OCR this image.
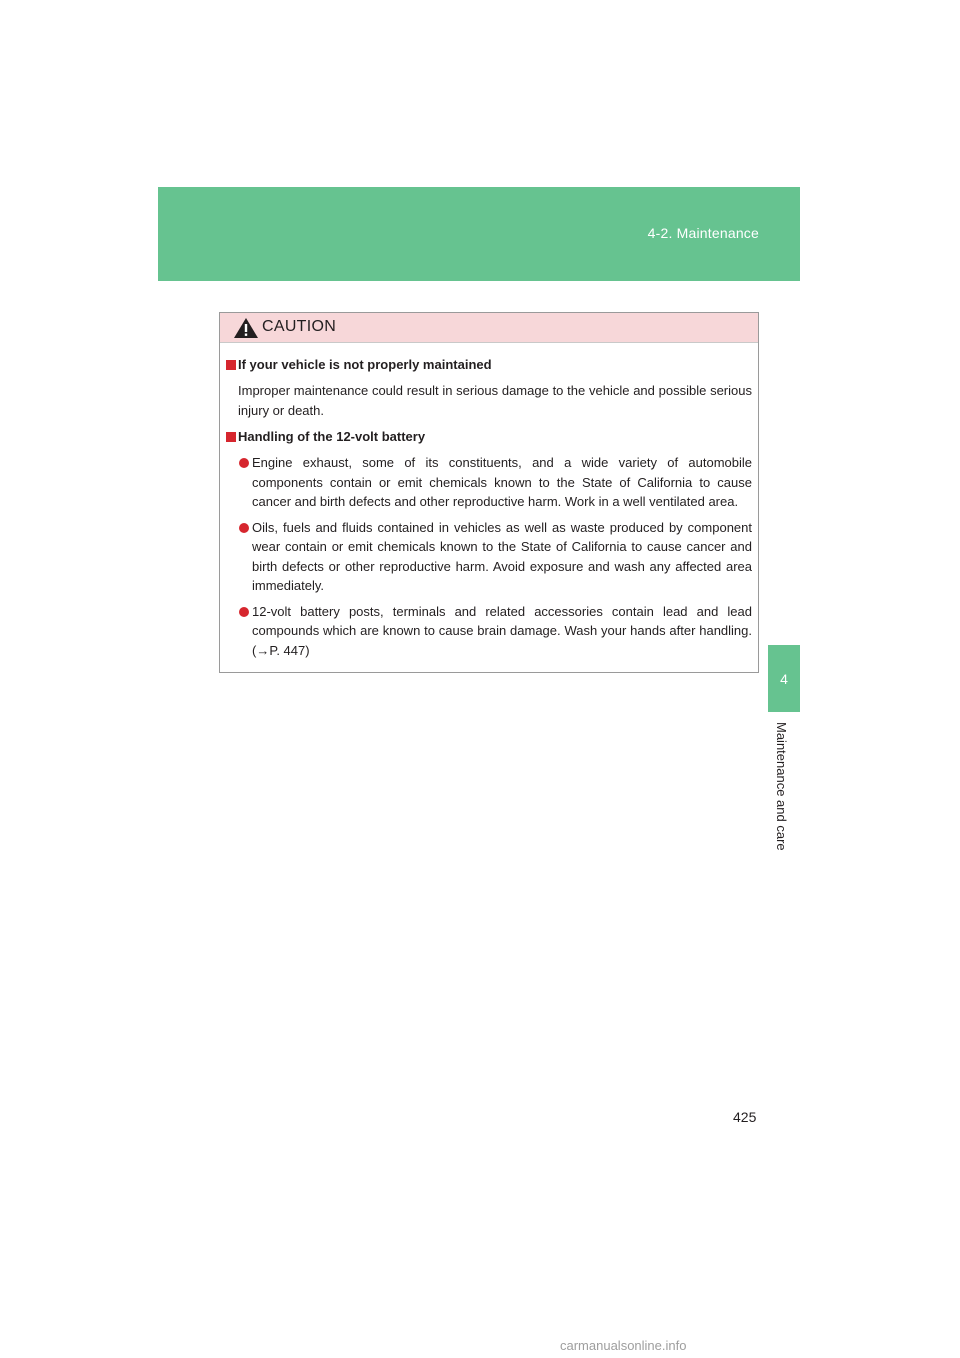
4-2. Maintenance
4
Maintenance and care
CAUTION
If your vehicle is not properly maintained
Improper maintenance could result in serious damage to the vehicle and possible serious injury or death.
Handling of the 12-volt battery
Engine exhaust, some of its constituents, and a wide variety of automobile components contain or emit chemicals known to the State of California to cause cancer and birth defects and other reproductive harm. Work in a well ventilated area.
Oils, fuels and fluids contained in vehicles as well as waste produced by component wear contain or emit chemicals known to the State of California to cause cancer and birth defects or other reproductive harm. Avoid exposure and wash any affected area immediately.
12-volt battery posts, terminals and related accessories contain lead and lead compounds which are known to cause brain damage. Wash your hands after handling. (→P. 447)
425
carmanualsonline.info
